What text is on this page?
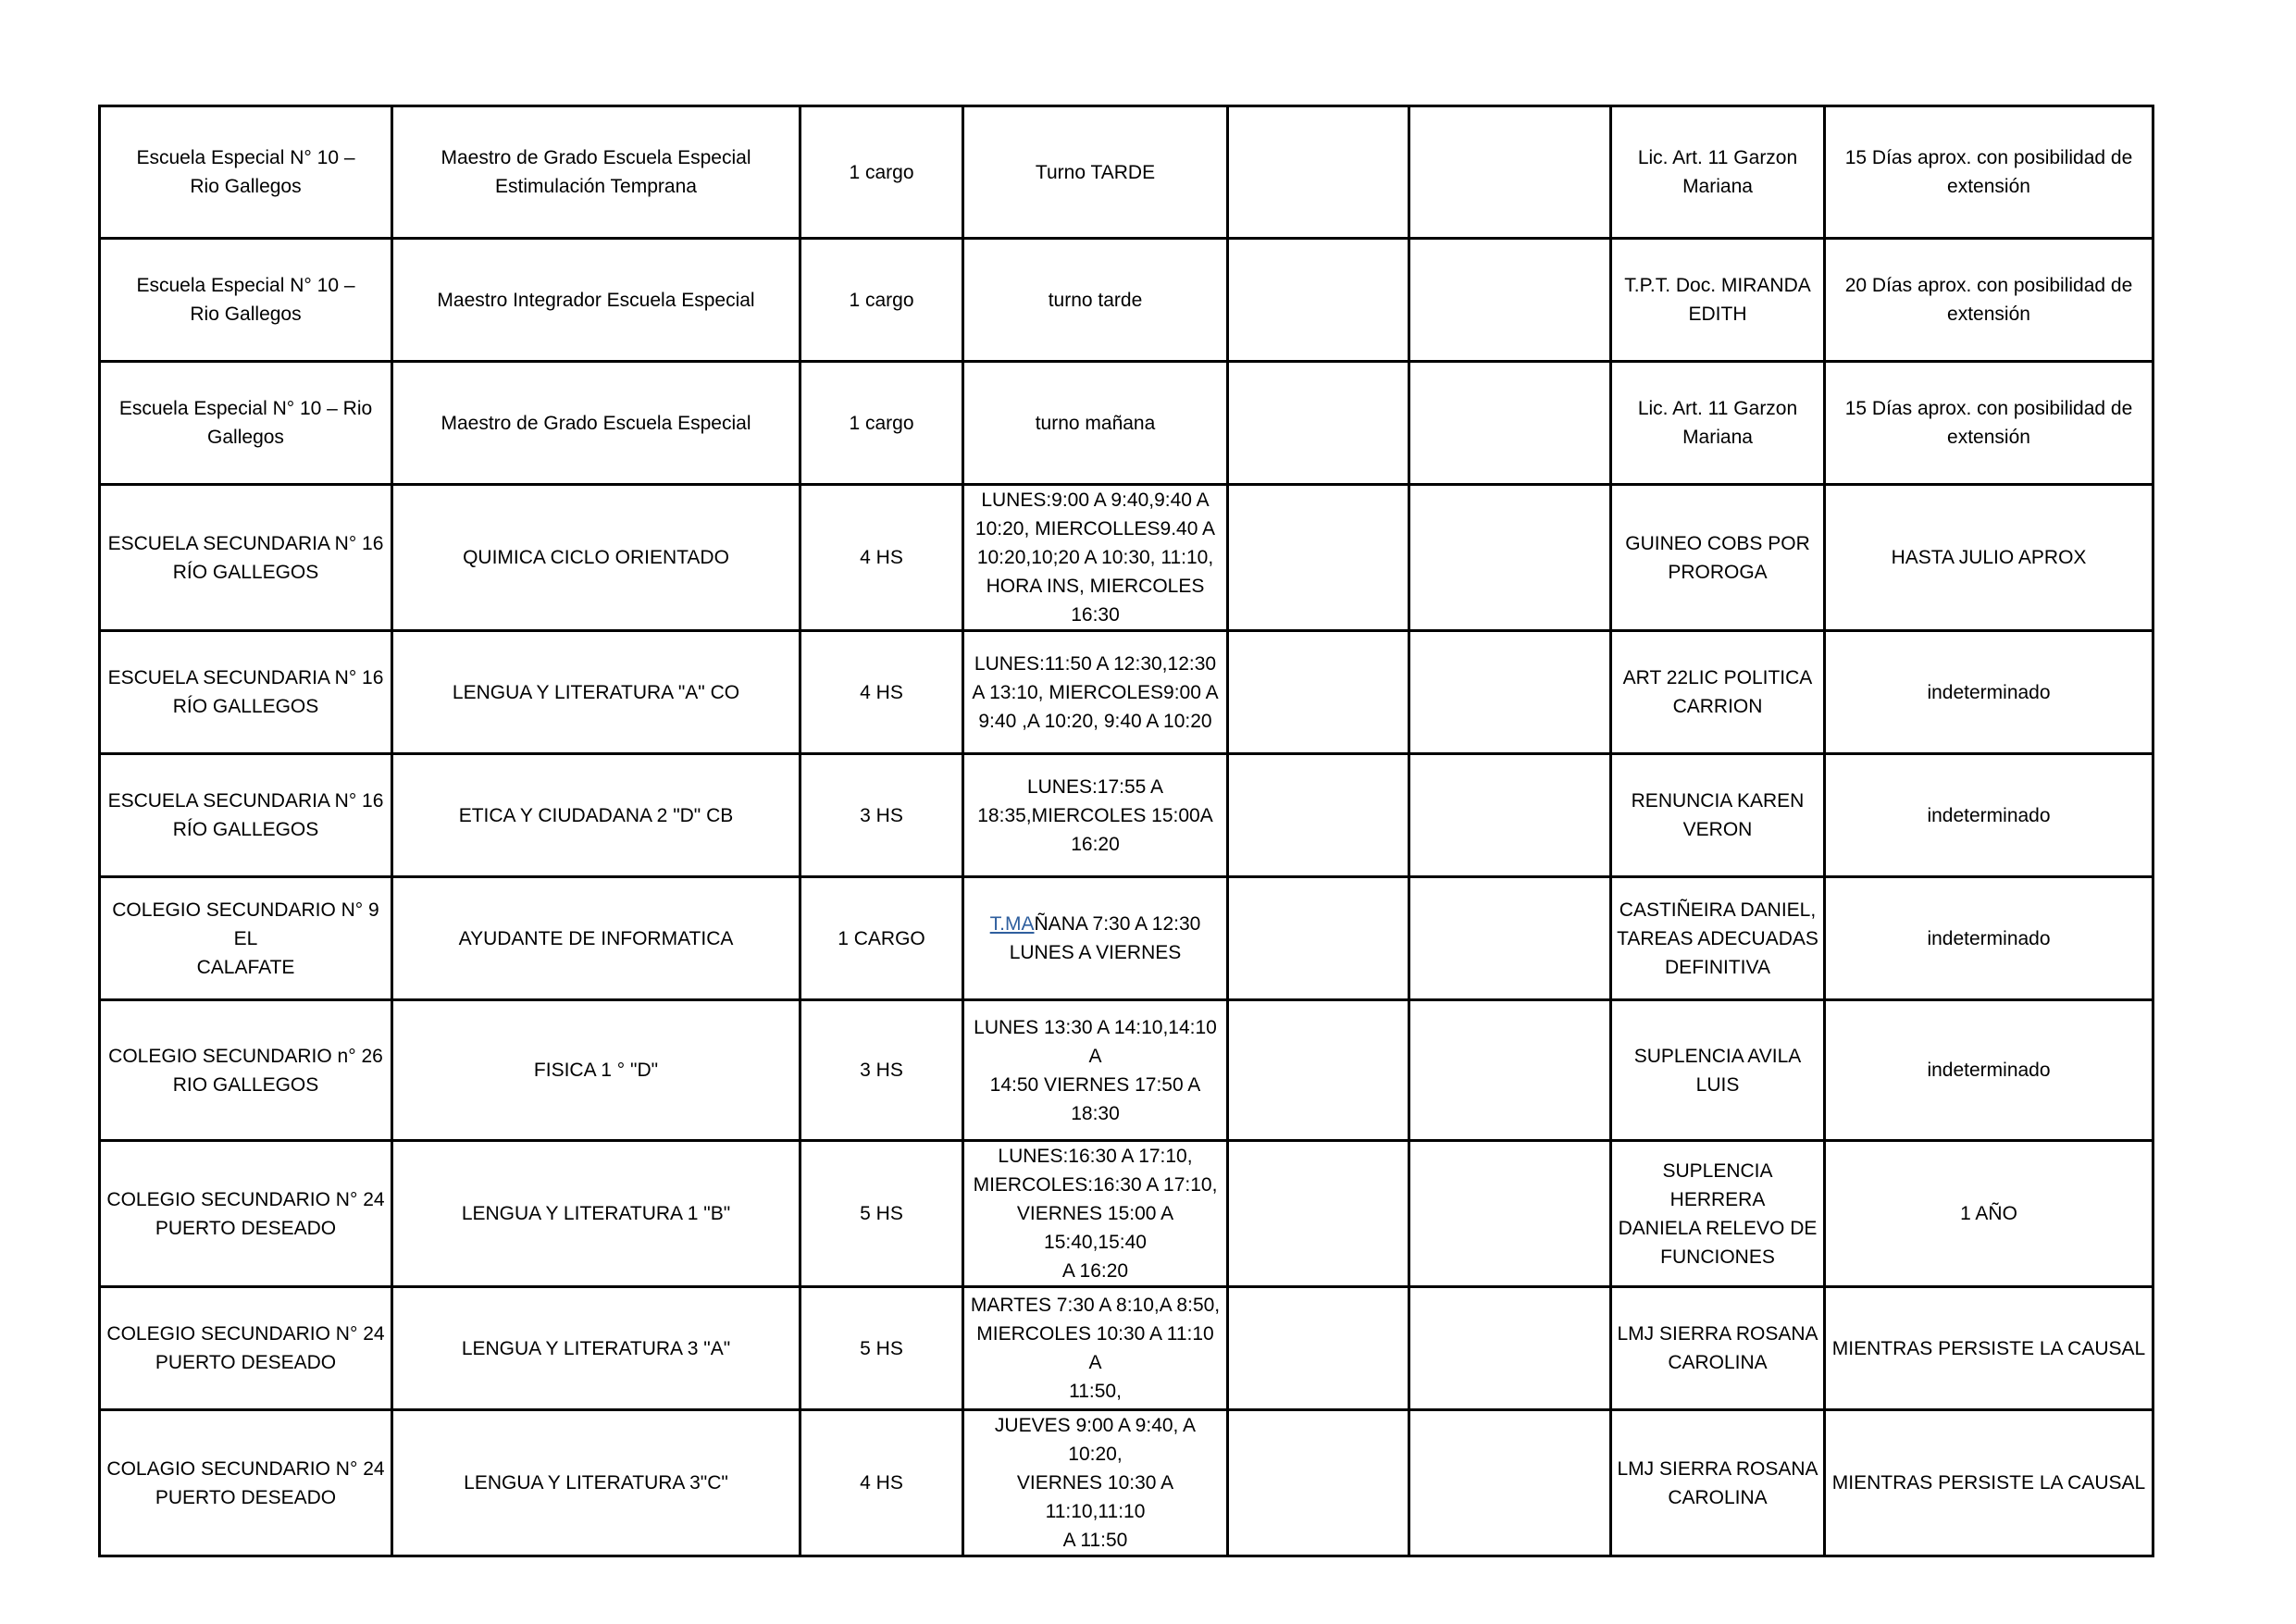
Escuela Especial N° 10 –
Rio Gallegos	Maestro de Grado Escuela Especial
Estimulación Temprana	1 cargo	Turno TARDE			Lic. Art. 11 Garzon
Mariana	15 Días aprox. con posibilidad de
extensión

Escuela Especial N° 10 –
Rio Gallegos	Maestro Integrador Escuela Especial	1 cargo	turno tarde			T.P.T. Doc. MIRANDA
EDITH	20 Días aprox. con posibilidad de
extensión

Escuela Especial N° 10 – Rio
Gallegos	Maestro de Grado Escuela Especial	1 cargo	turno mañana			Lic. Art. 11 Garzon
Mariana	15 Días aprox. con posibilidad de
extensión

ESCUELA SECUNDARIA N° 16
RÍO GALLEGOS	QUIMICA CICLO ORIENTADO	4 HS	LUNES:9:00 A 9:40,9:40 A
10:20, MIERCOLLES9.40 A
10:20,10;20 A 10:30, 11:10,
HORA INS, MIERCOLES 16:30			GUINEO COBS POR
PROROGA	HASTA JULIO APROX

ESCUELA SECUNDARIA N° 16
RÍO GALLEGOS	LENGUA Y LITERATURA "A" CO	4 HS	LUNES:11:50 A 12:30,12:30
A 13:10, MIERCOLES9:00 A
9:40 ,A 10:20, 9:40 A 10:20			ART 22LIC POLITICA
CARRION	indeterminado

ESCUELA SECUNDARIA N° 16
RÍO GALLEGOS	ETICA Y CIUDADANA 2 "D" CB	3 HS	LUNES:17:55 A
18:35,MIERCOLES 15:00A
16:20			RENUNCIA KAREN
VERON	indeterminado

COLEGIO SECUNDARIO N° 9 EL
CALAFATE	AYUDANTE DE INFORMATICA	1 CARGO	T.MAÑANA 7:30 A 12:30
LUNES A VIERNES			CASTIÑEIRA DANIEL,
TAREAS ADECUADAS
DEFINITIVA	indeterminado

COLEGIO SECUNDARIO n° 26
RIO GALLEGOS	FISICA 1 ° "D"	3 HS	LUNES 13:30 A 14:10,14:10 A
14:50 VIERNES 17:50 A
18:30			SUPLENCIA AVILA LUIS	indeterminado

COLEGIO SECUNDARIO N° 24
PUERTO DESEADO	LENGUA Y LITERATURA 1 "B"	5 HS	LUNES:16:30 A 17:10,
MIERCOLES:16:30 A 17:10,
VIERNES 15:00 A 15:40,15:40
A 16:20			SUPLENCIA HERRERA
DANIELA RELEVO DE
FUNCIONES	1 AÑO

COLEGIO SECUNDARIO N° 24
PUERTO DESEADO	LENGUA Y LITERATURA 3 "A"	5 HS	MARTES 7:30 A 8:10,A 8:50,
MIERCOLES 10:30 A 11:10 A
11:50,			LMJ SIERRA ROSANA
CAROLINA	MIENTRAS PERSISTE LA CAUSAL

COLAGIO SECUNDARIO N° 24
PUERTO DESEADO	LENGUA Y LITERATURA 3"C"	4 HS	JUEVES 9:00 A 9:40, A 10:20,
VIERNES 10:30 A 11:10,11:10
A 11:50			LMJ SIERRA ROSANA
CAROLINA	MIENTRAS PERSISTE LA CAUSAL
